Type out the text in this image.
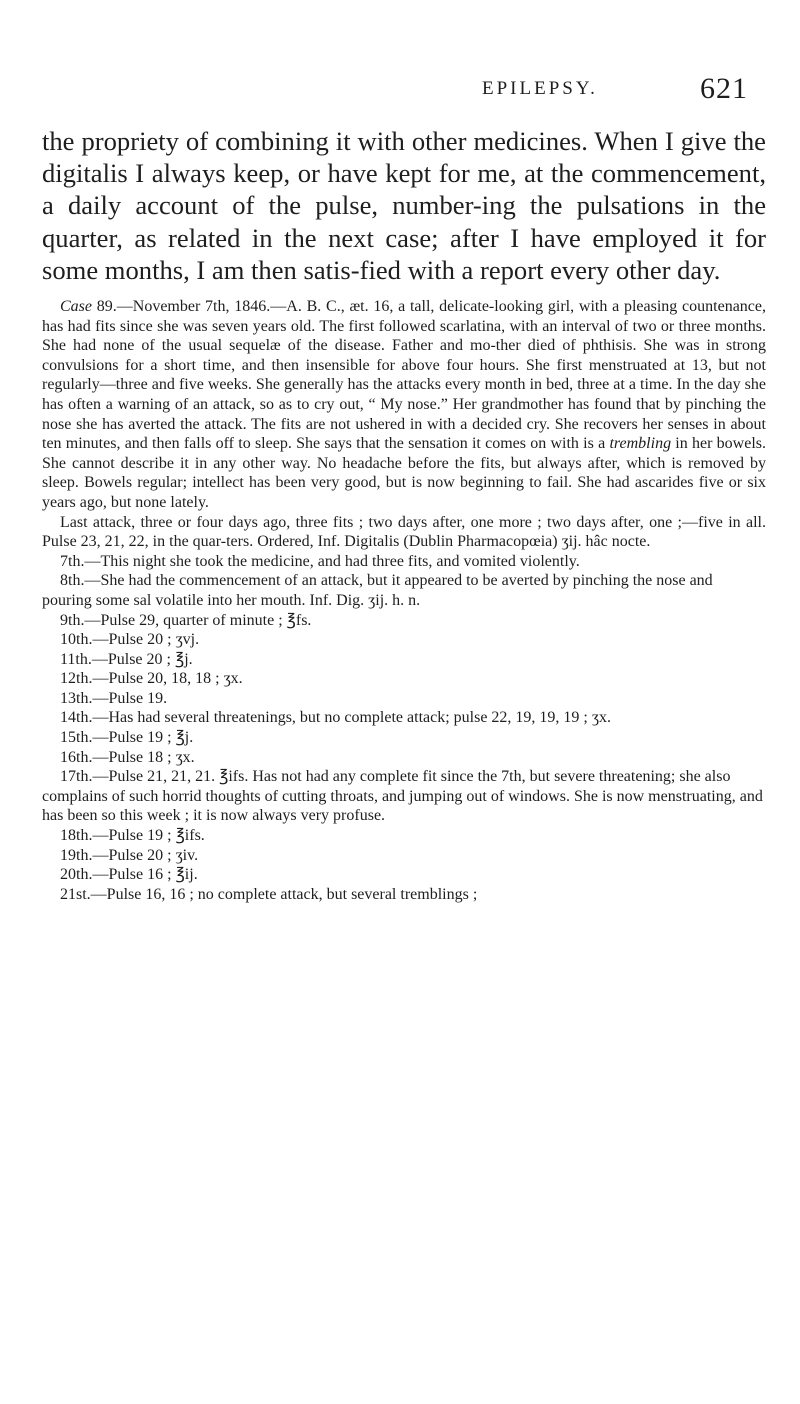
EPILEPSY.	621

the propriety of combining it with other medicines. When I give the digitalis I always keep, or have kept for me, at the commencement, a daily account of the pulse, number-ing the pulsations in the quarter, as related in the next case; after I have employed it for some months, I am then satis-fied with a report every other day.

Case 89.—November 7th, 1846.—A. B. C., æt. 16, a tall, delicate-looking girl, with a pleasing countenance, has had fits since she was seven years old. The first followed scarlatina, with an interval of two or three months. She had none of the usual sequelæ of the disease. Father and mo-ther died of phthisis. She was in strong convulsions for a short time, and then insensible for above four hours. She first menstruated at 13, but not regularly—three and five weeks. She generally has the attacks every month in bed, three at a time. In the day she has often a warning of an attack, so as to cry out, “ My nose.” Her grandmother has found that by pinching the nose she has averted the attack. The fits are not ushered in with a decided cry. She recovers her senses in about ten minutes, and then falls off to sleep. She says that the sensation it comes on with is a trembling in her bowels. She cannot describe it in any other way. No headache before the fits, but always after, which is removed by sleep. Bowels regular; intellect has been very good, but is now beginning to fail. She had ascarides five or six years ago, but none lately.

Last attack, three or four days ago, three fits ; two days after, one more ; two days after, one ;—five in all. Pulse 23, 21, 22, in the quar-ters. Ordered, Inf. Digitalis (Dublin Pharmacopœia) ʒij. hâc nocte.

7th.—This night she took the medicine, and had three fits, and vomited violently.

8th.—She had the commencement of an attack, but it appeared to be averted by pinching the nose and pouring some sal volatile into her mouth. Inf. Dig. ʒij. h. n.

9th.—Pulse 29, quarter of minute ; ℥fs.

10th.—Pulse 20 ; ʒvj.

11th.—Pulse 20 ; ℥j.

12th.—Pulse 20, 18, 18 ; ʒx.

13th.—Pulse 19.

14th.—Has had several threatenings, but no complete attack; pulse 22, 19, 19, 19 ; ʒx.

15th.—Pulse 19 ; ℥j.

16th.—Pulse 18 ; ʒx.

17th.—Pulse 21, 21, 21. ℥ifs. Has not had any complete fit since the 7th, but severe threatening; she also complains of such horrid thoughts of cutting throats, and jumping out of windows. She is now menstruating, and has been so this week ; it is now always very profuse.

18th.—Pulse 19 ; ℥ifs.

19th.—Pulse 20 ; ʒiv.

20th.—Pulse 16 ; ℥ij.

21st.—Pulse 16, 16 ; no complete attack, but several tremblings ;
